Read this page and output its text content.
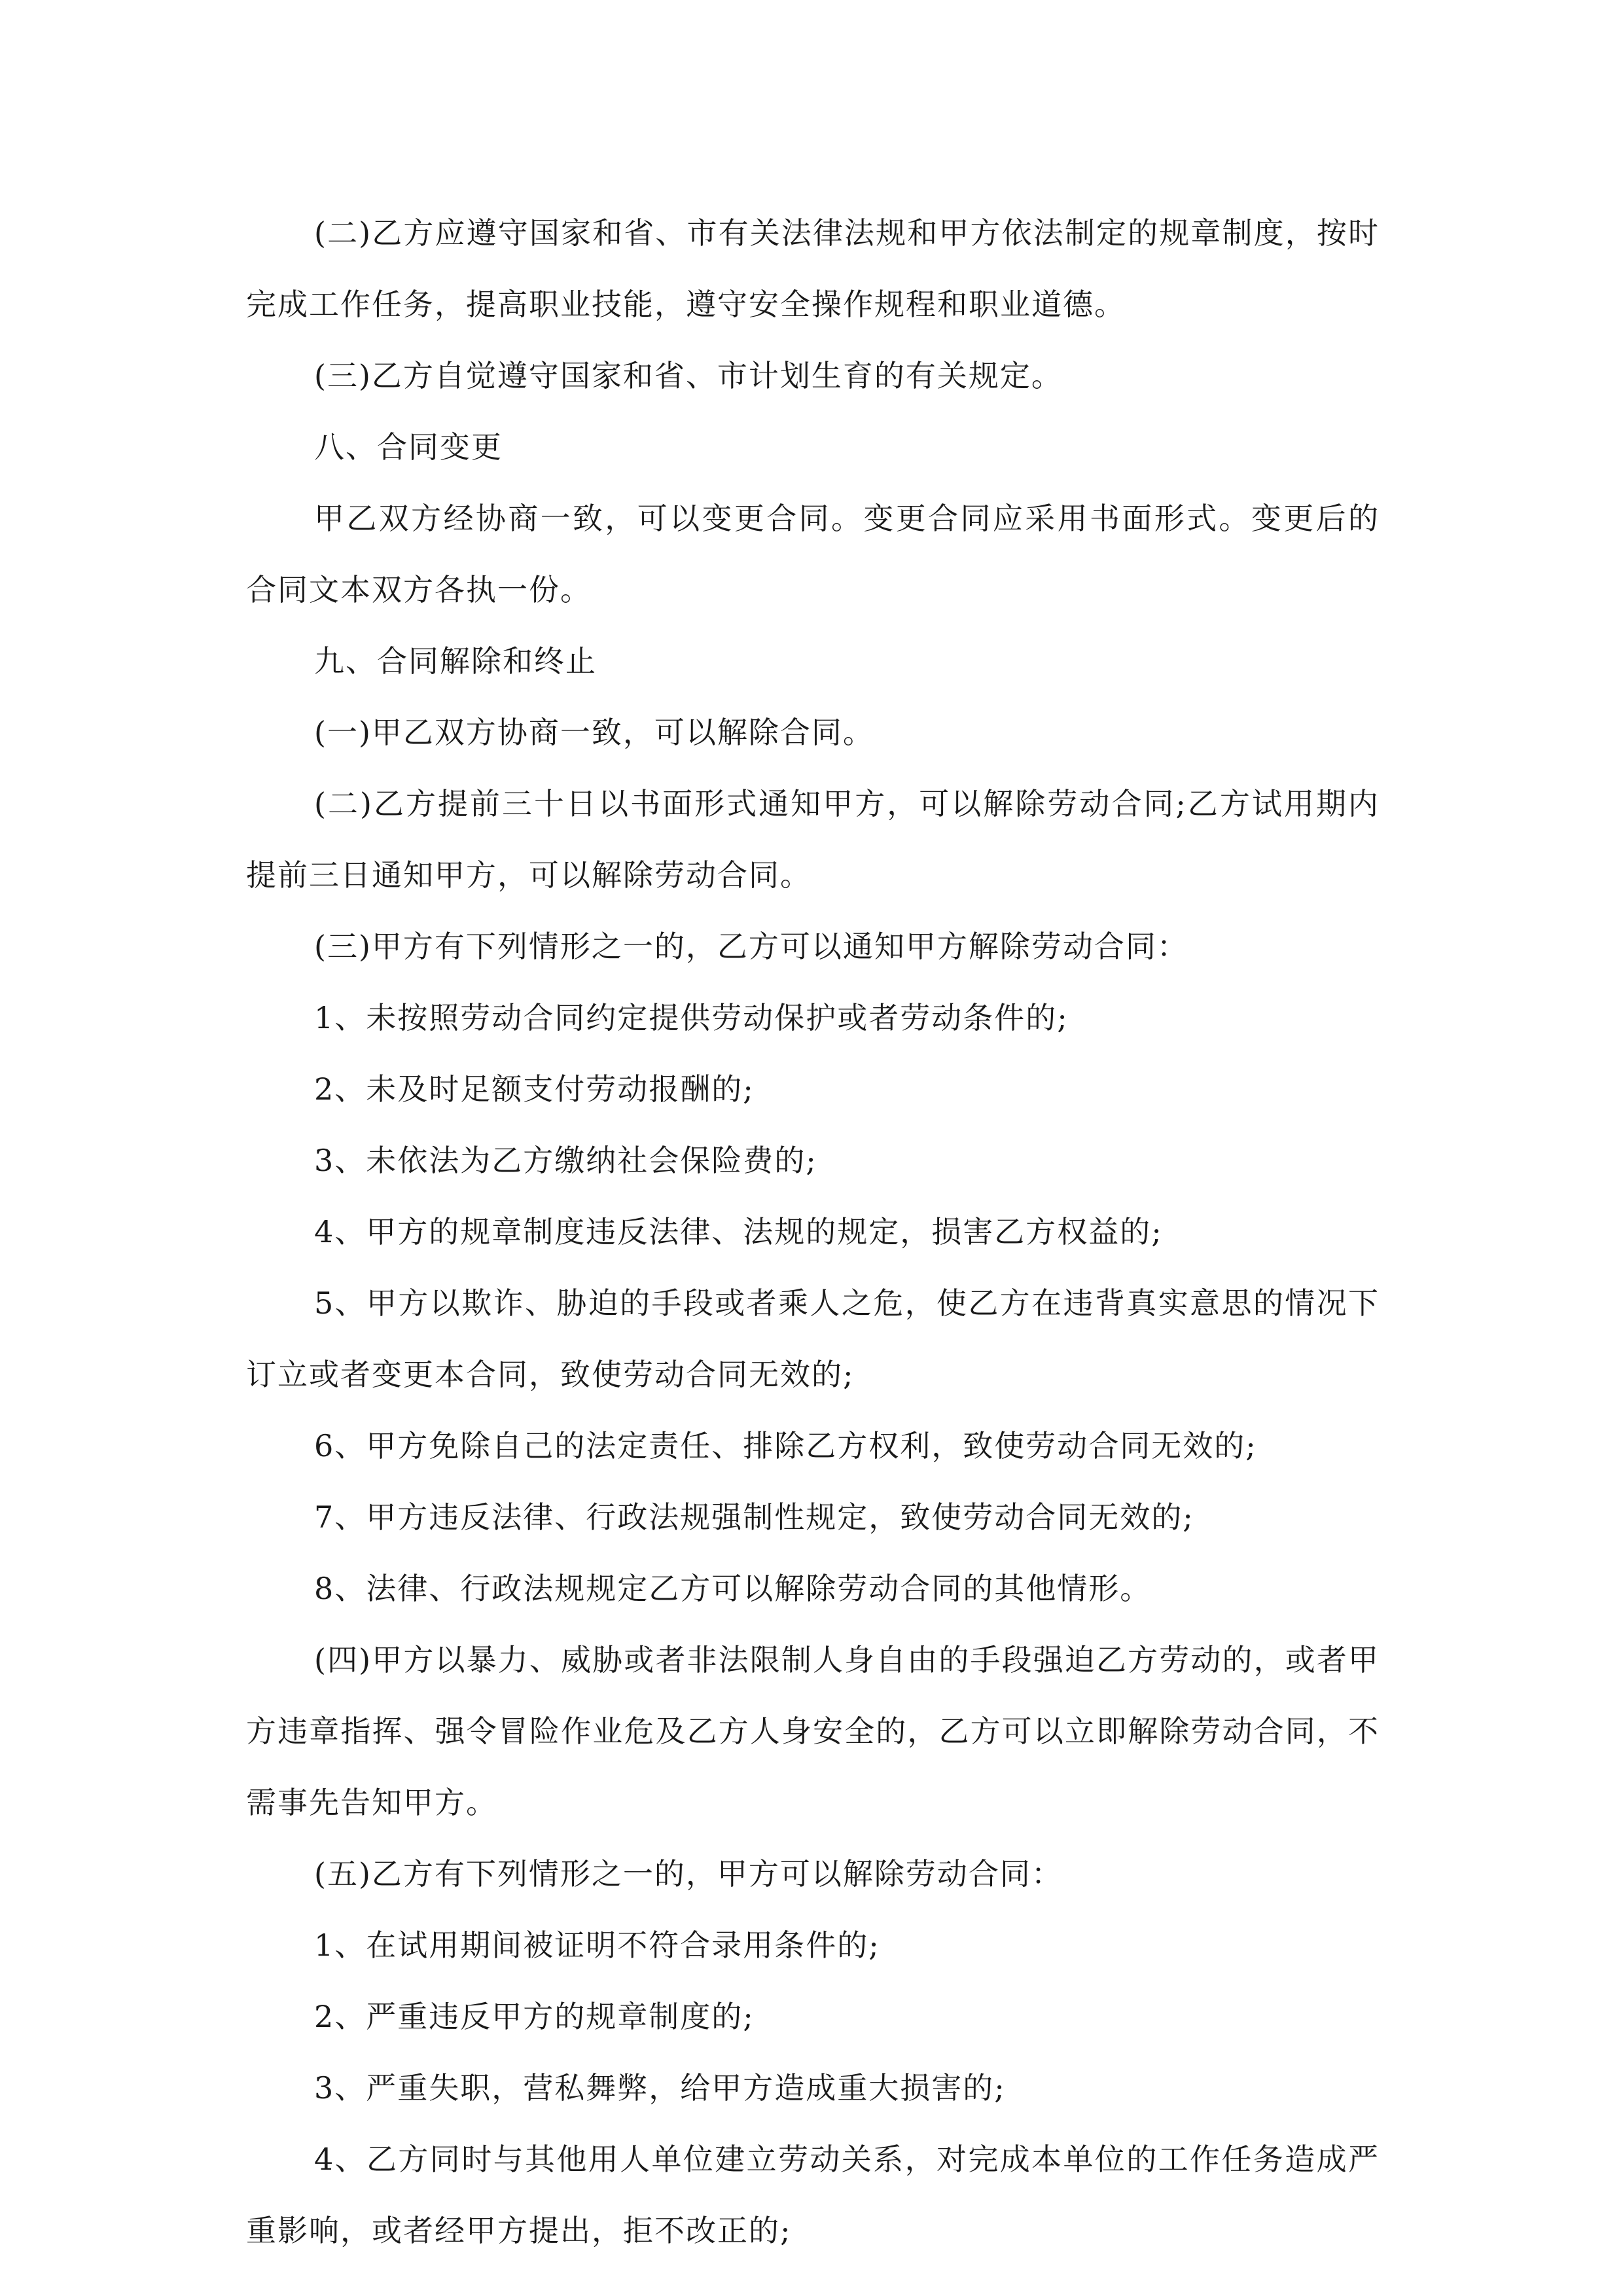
(二)乙方应遵守国家和省、市有关法律法规和甲方依法制定的规章制度，按时完成工作任务，提高职业技能，遵守安全操作规程和职业道德。

(三)乙方自觉遵守国家和省、市计划生育的有关规定。

八、合同变更

甲乙双方经协商一致，可以变更合同。变更合同应采用书面形式。变更后的合同文本双方各执一份。

九、合同解除和终止

(一)甲乙双方协商一致，可以解除合同。

(二)乙方提前三十日以书面形式通知甲方，可以解除劳动合同;乙方试用期内提前三日通知甲方，可以解除劳动合同。

(三)甲方有下列情形之一的，乙方可以通知甲方解除劳动合同：

1、未按照劳动合同约定提供劳动保护或者劳动条件的;

2、未及时足额支付劳动报酬的;

3、未依法为乙方缴纳社会保险费的;

4、甲方的规章制度违反法律、法规的规定，损害乙方权益的;

5、甲方以欺诈、胁迫的手段或者乘人之危，使乙方在违背真实意思的情况下订立或者变更本合同，致使劳动合同无效的;

6、甲方免除自己的法定责任、排除乙方权利，致使劳动合同无效的;

7、甲方违反法律、行政法规强制性规定，致使劳动合同无效的;

8、法律、行政法规规定乙方可以解除劳动合同的其他情形。

(四)甲方以暴力、威胁或者非法限制人身自由的手段强迫乙方劳动的，或者甲方违章指挥、强令冒险作业危及乙方人身安全的，乙方可以立即解除劳动合同，不需事先告知甲方。

(五)乙方有下列情形之一的，甲方可以解除劳动合同：

1、在试用期间被证明不符合录用条件的;

2、严重违反甲方的规章制度的;

3、严重失职，营私舞弊，给甲方造成重大损害的;

4、乙方同时与其他用人单位建立劳动关系，对完成本单位的工作任务造成严重影响，或者经甲方提出，拒不改正的;
